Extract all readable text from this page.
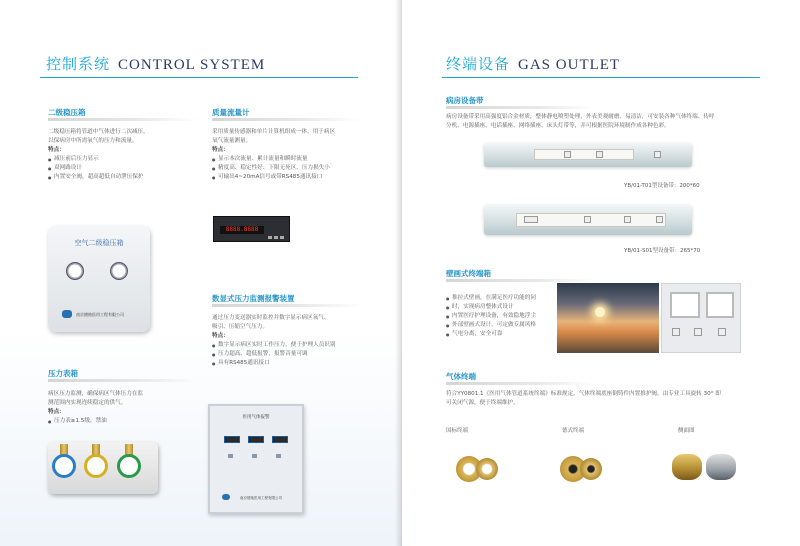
控制系统 CONTROL SYSTEM
二级稳压箱
二级稳压箱将管道中气体进行二次减压，
以保病房中所需氧气的压力和流量。
特点：
● 减压前后压力显示
● 双网路设计
● 内置安全阀，超高超低自动泄压保护
空气二级稳压箱
南京德烛医用工程有限公司
压力表箱
病区压力监测，确保病区气体压力在监
测范围内实现连续稳定的供气。
特点：
● 压力表≥1.5级，禁油
质量流量计
采用质量传感器和单片计算机组成一体，用于病区
氧气流量测量。
特点：
● 显示本次流量、累计流量和瞬时流量
● 精度高、稳定性好、下限无死区、压力损失小
● 可输出4~20mA信号或带RS485通讯接口
8888.8888
数显式压力监测报警装置
通过压力变送器实时监控并数字显示病区氧气、
吸引、压缩空气压力。
特点：
● 数字显示病区实时工作压力，便于护理人员识别
● 压力超高、超低报警，报警音量可调
● 具有RS485通讯接口
医用气体报警
南京德烛医用工程有限公司
终端设备 GAS OUTLET
病房设备带
病房设备带采用高强度铝合金材质，整体静电喷塑处理，外表美观耐磨、易清洁，可安装各种气体终端、传呼
分机、电源插座、电话插座、网络插座、床头灯带等，并可根据医院环境制作成各种色彩。
YB/01-T01型设备带：200*60
YB/01-S01型设备带：265*70
壁画式终端箱
● 推拉式壁画，在满足医疗功能的同
● 时，实现病房整体式设计
● 内置医疗护理设备，有效隐地浮尘
● 外部壁画式设计，可定做专属风格
● 气电分离，安全可靠
气体终端
符合YY0801.1《医用气体管道系统终端》标准规定，气体终端底座倒铸件内置推护阀，由专业工具旋转 30° 即
可关闭气源，便于终端维护。
国标终端	德式终端	侧面图
